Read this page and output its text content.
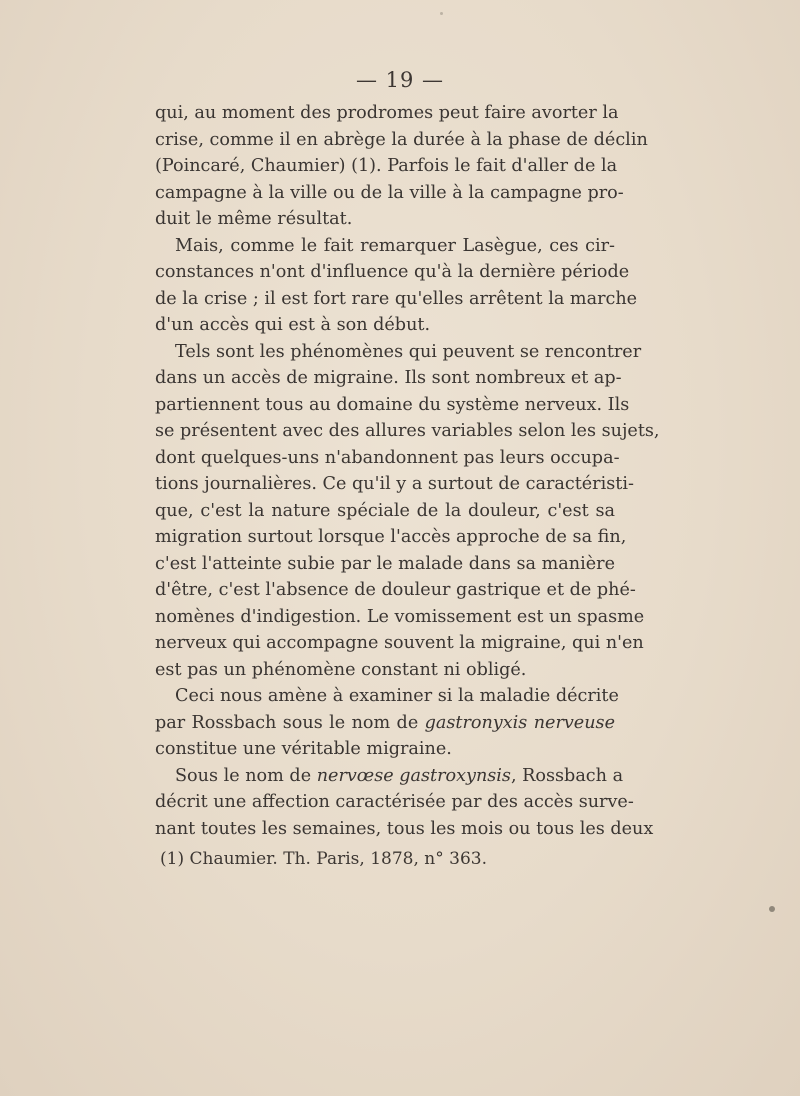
— 19 —
qui, au moment des prodromes peut faire avorter la
crise, comme il en abrège la durée à la phase de déclin
(Poincaré, Chaumier) (1). Parfois le fait d'aller de la
campagne à la ville ou de la ville à la campagne pro-
duit le même résultat.
Mais, comme le fait remarquer Lasègue, ces cir-
constances n'ont d'influence qu'à la dernière période
de la crise ; il est fort rare qu'elles arrêtent la marche
d'un accès qui est à son début.
Tels sont les phénomènes qui peuvent se rencontrer
dans un accès de migraine. Ils sont nombreux et ap-
partiennent tous au domaine du système nerveux. Ils
se présentent avec des allures variables selon les sujets,
dont quelques-uns n'abandonnent pas leurs occupa-
tions journalières. Ce qu'il y a surtout de caractéristi-
que, c'est la nature spéciale de la douleur, c'est sa
migration surtout lorsque l'accès approche de sa fin,
c'est l'atteinte subie par le malade dans sa manière
d'être, c'est l'absence de douleur gastrique et de phé-
nomènes d'indigestion. Le vomissement est un spasme
nerveux qui accompagne souvent la migraine, qui n'en
est pas un phénomène constant ni obligé.
Ceci nous amène à examiner si la maladie décrite
par Rossbach sous le nom de gastronyxis nerveuse
constitue une véritable migraine.
Sous le nom de nervœse gastroxynsis, Rossbach a
décrit une affection caractérisée par des accès surve-
nant toutes les semaines, tous les mois ou tous les deux
(1) Chaumier. Th. Paris, 1878, n° 363.
